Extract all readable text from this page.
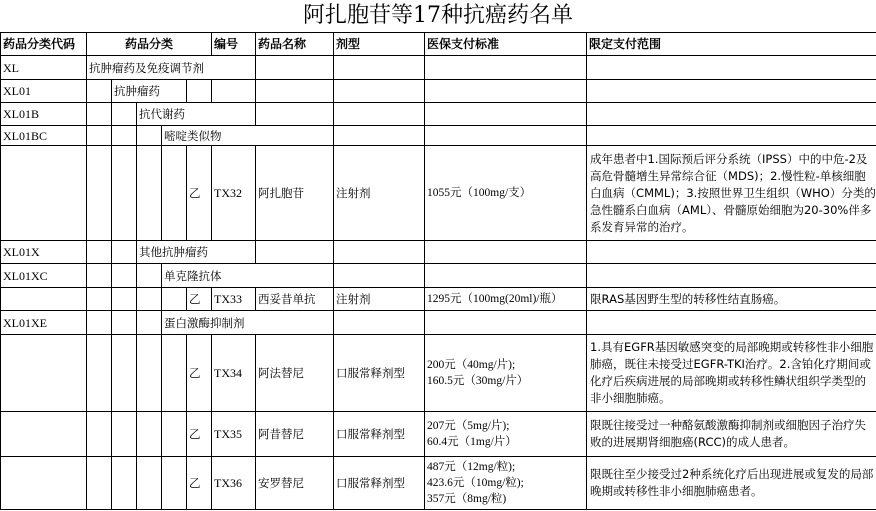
阿扎胞苷等17种抗癌药名单
药品分类代码	药品分类					编号	药品名称	剂型	医保支付标准	限定支付范围
XL	抗肿瘤药及免疫调节剂									
XL01		抗肿瘤药								
XL01B			抗代谢药							
XL01BC				嘧啶类似物						
					乙	TX32	阿扎胞苷	注射剂	1055元（100mg/支）	成年患者中1.国际预后评分系统（IPSS）中的中危-2及高危骨髓增生异常综合征（MDS)；2.慢性粒-单核细胞白血病（CMML)；3.按照世界卫生组织（WHO）分类的急性髓系白血病（AML）、骨髓原始细胞为20-30%伴多系发育异常的治疗。
XL01X			其他抗肿瘤药							
XL01XC				单克隆抗体						
					乙	TX33	西妥昔单抗	注射剂	1295元（100mg(20ml)/瓶）	限RAS基因野生型的转移性结直肠癌。
XL01XE				蛋白激酶抑制剂						
					乙	TX34	阿法替尼	口服常释剂型	200元（40mg/片);
160.5元（30mg/片）	1.具有EGFR基因敏感突变的局部晚期或转移性非小细胞肺癌，既往未接受过EGFR-TKI治疗。2.含铂化疗期间或化疗后疾病进展的局部晚期或转移性鳞状组织学类型的非小细胞肺癌。
					乙	TX35	阿昔替尼	口服常释剂型	207元（5mg/片);
60.4元（1mg/片）	限既往接受过一种酪氨酸激酶抑制剂或细胞因子治疗失败的进展期肾细胞癌(RCC)的成人患者。
					乙	TX36	安罗替尼	口服常释剂型	487元（12mg/粒);
423.6元（10mg/粒);
357元（8mg/粒)	限既往至少接受过2种系统化疗后出现进展或复发的局部晚期或转移性非小细胞肺癌患者。
